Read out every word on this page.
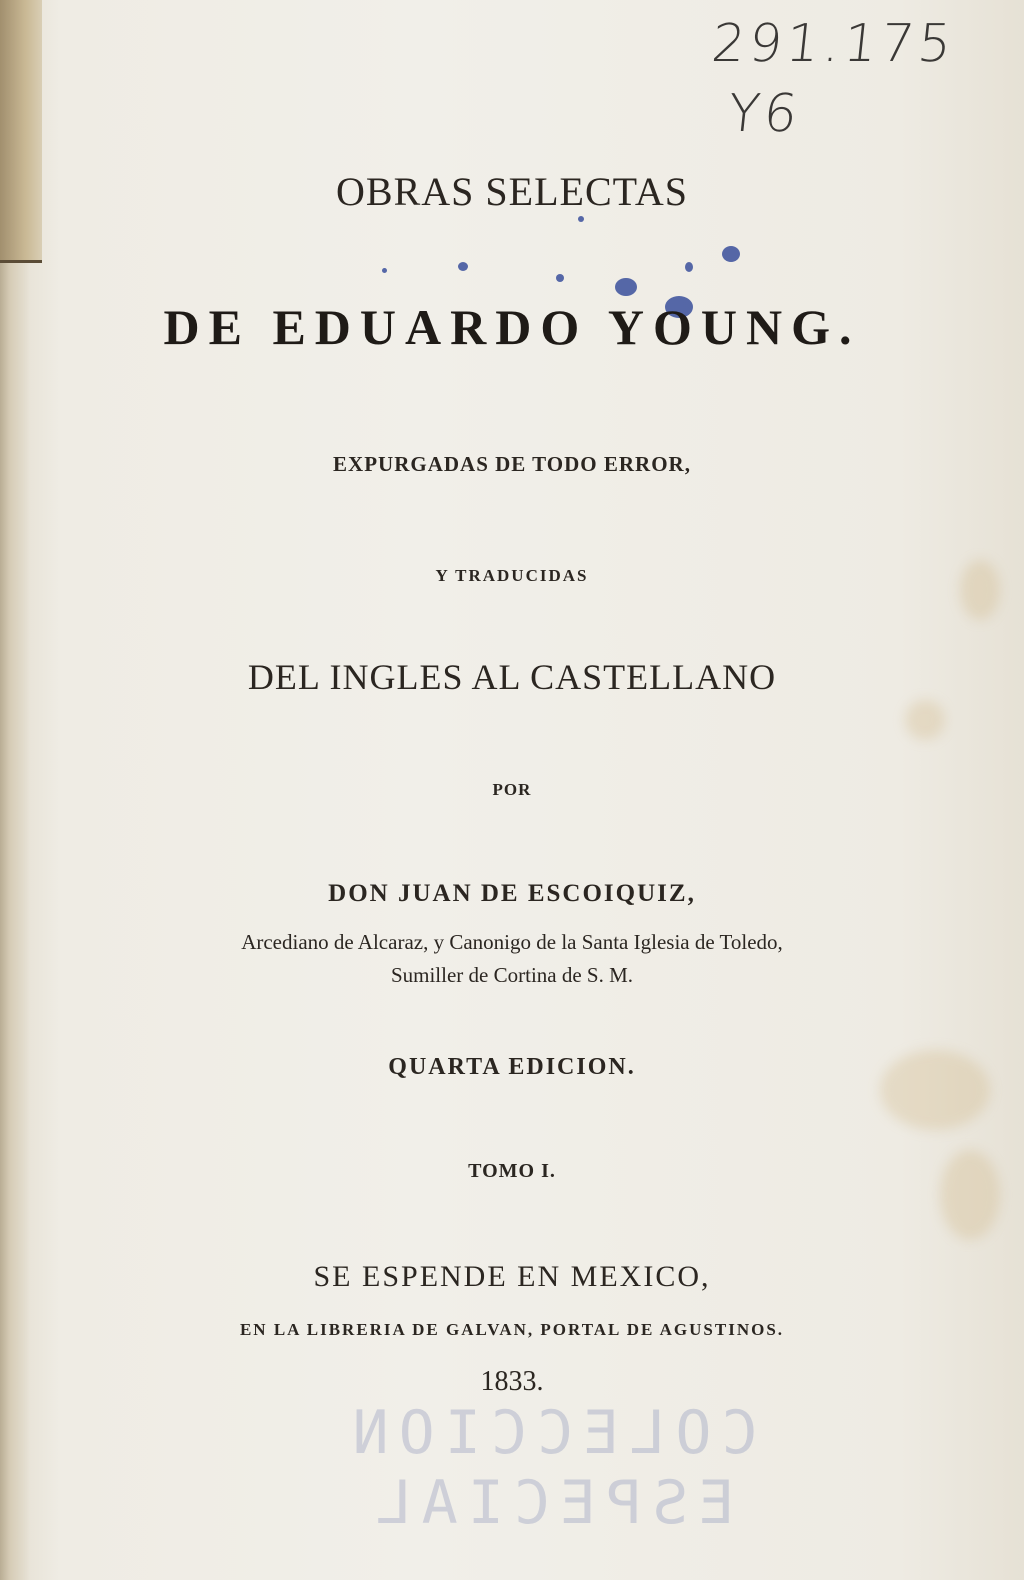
291.175
Y6
OBRAS SELECTAS
DE EDUARDO YOUNG.
EXPURGADAS DE TODO ERROR,
Y TRADUCIDAS
DEL INGLES AL CASTELLANO
POR
DON JUAN DE ESCOIQUIZ,
Arcediano de Alcaraz, y Canonigo de la Santa Iglesia de Toledo,
Sumiller de Cortina de S. M.
QUARTA EDICION.
TOMO I.
SE ESPENDE EN MEXICO,
EN LA LIBRERIA DE GALVAN, PORTAL DE AGUSTINOS.
1833.
COLECCION ESPECIAL
